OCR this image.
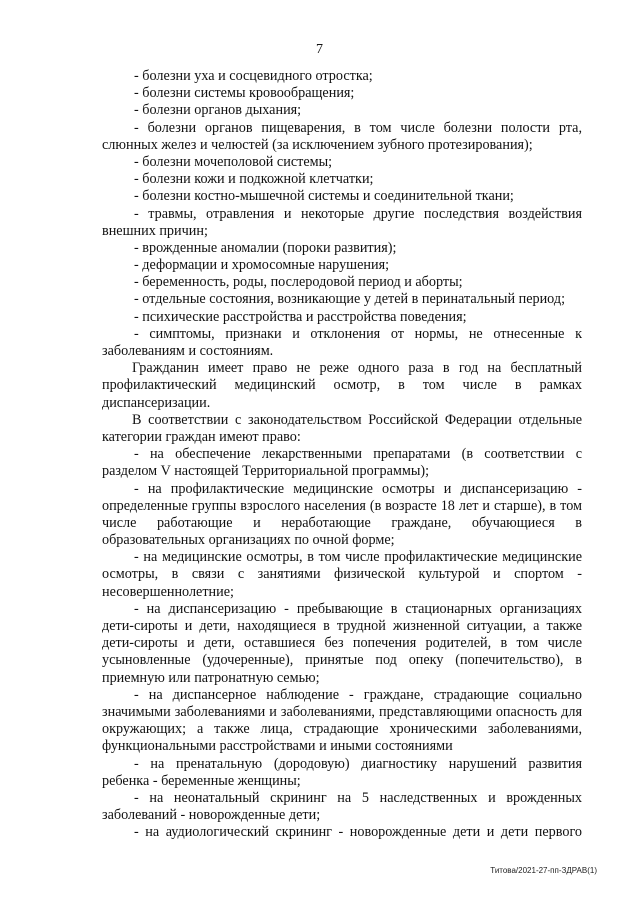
7
- болезни уха и сосцевидного отростка;
- болезни системы кровообращения;
- болезни органов дыхания;
- болезни органов пищеварения, в том числе болезни полости рта,
слюнных желез и челюстей (за исключением зубного протезирования);
- болезни мочеполовой системы;
- болезни кожи и подкожной клетчатки;
- болезни костно-мышечной системы и соединительной ткани;
- травмы, отравления и некоторые другие последствия воздействия
внешних причин;
- врожденные аномалии (пороки развития);
- деформации и хромосомные нарушения;
- беременность, роды, послеродовой период и аборты;
- отдельные состояния, возникающие у детей в перинатальный период;
- психические расстройства и расстройства поведения;
- симптомы, признаки и отклонения от нормы, не отнесенные к
заболеваниям и состояниям.
Гражданин имеет право не реже одного раза в год на бесплатный
профилактический медицинский осмотр, в том числе в рамках
диспансеризации.
В соответствии с законодательством Российской Федерации отдельные
категории граждан имеют право:
- на обеспечение лекарственными препаратами (в соответствии с
разделом V настоящей Территориальной программы);
- на профилактические медицинские осмотры и диспансеризацию -
определенные группы взрослого населения (в возрасте 18 лет и старше), в том
числе работающие и неработающие граждане, обучающиеся в
образовательных организациях по очной форме;
- на медицинские осмотры, в том числе профилактические медицинские
осмотры, в связи с занятиями физической культурой и спортом -
несовершеннолетние;
- на диспансеризацию - пребывающие в стационарных организациях
дети-сироты и дети, находящиеся в трудной жизненной ситуации, а также
дети-сироты и дети, оставшиеся без попечения родителей, в том числе
усыновленные (удочеренные), принятые под опеку (попечительство), в
приемную или патронатную семью;
- на диспансерное наблюдение - граждане, страдающие социально
значимыми заболеваниями и заболеваниями, представляющими опасность для
окружающих; а также лица, страдающие хроническими заболеваниями,
функциональными расстройствами и иными состояниями
- на пренатальную (дородовую) диагностику нарушений развития
ребенка - беременные женщины;
- на неонатальный скрининг на 5 наследственных и врожденных
заболеваний - новорожденные дети;
- на аудиологический скрининг - новорожденные дети и дети первого
Титова/2021-27-пп-ЗДРАВ(1)
